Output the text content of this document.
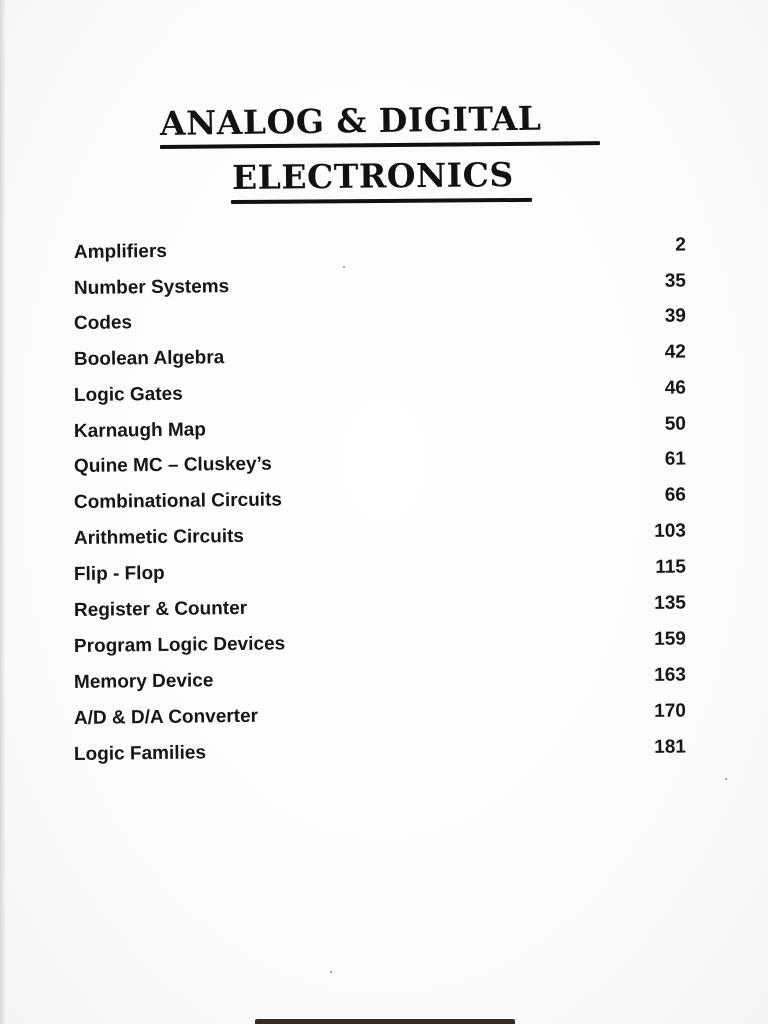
ANALOG & DIGITAL
ELECTRONICS
Amplifiers	2
Number Systems	35
Codes	39
Boolean Algebra	42
Logic Gates	46
Karnaugh Map	50
Quine MC – Cluskey’s	61
Combinational Circuits	66
Arithmetic Circuits	103
Flip - Flop	115
Register & Counter	135
Program Logic Devices	159
Memory Device	163
A/D & D/A Converter	170
Logic Families	181
